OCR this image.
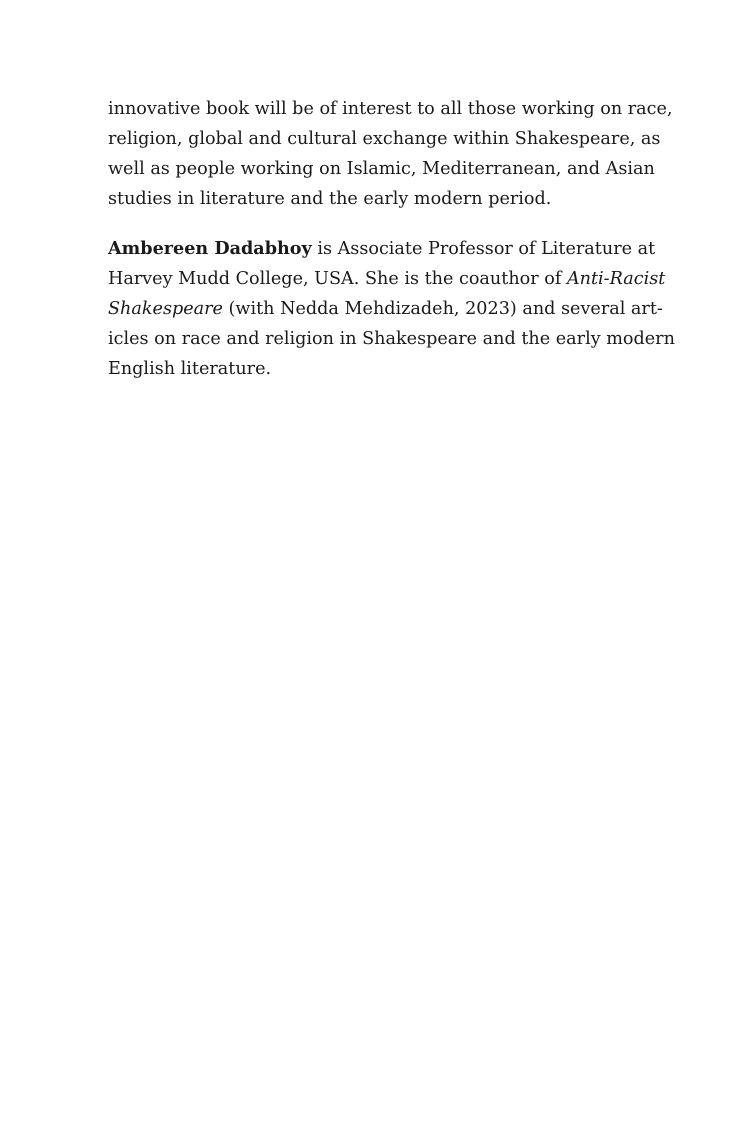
innovative book will be of interest to all those working on race,
religion, global and cultural exchange within Shakespeare, as
well as people working on Islamic, Mediterranean, and Asian
studies in literature and the early modern period.
Ambereen Dadabhoy is Associate Professor of Literature at
Harvey Mudd College, USA. She is the coauthor of Anti-Racist
Shakespeare (with Nedda Mehdizadeh, 2023) and several art-
icles on race and religion in Shakespeare and the early modern
English literature.
